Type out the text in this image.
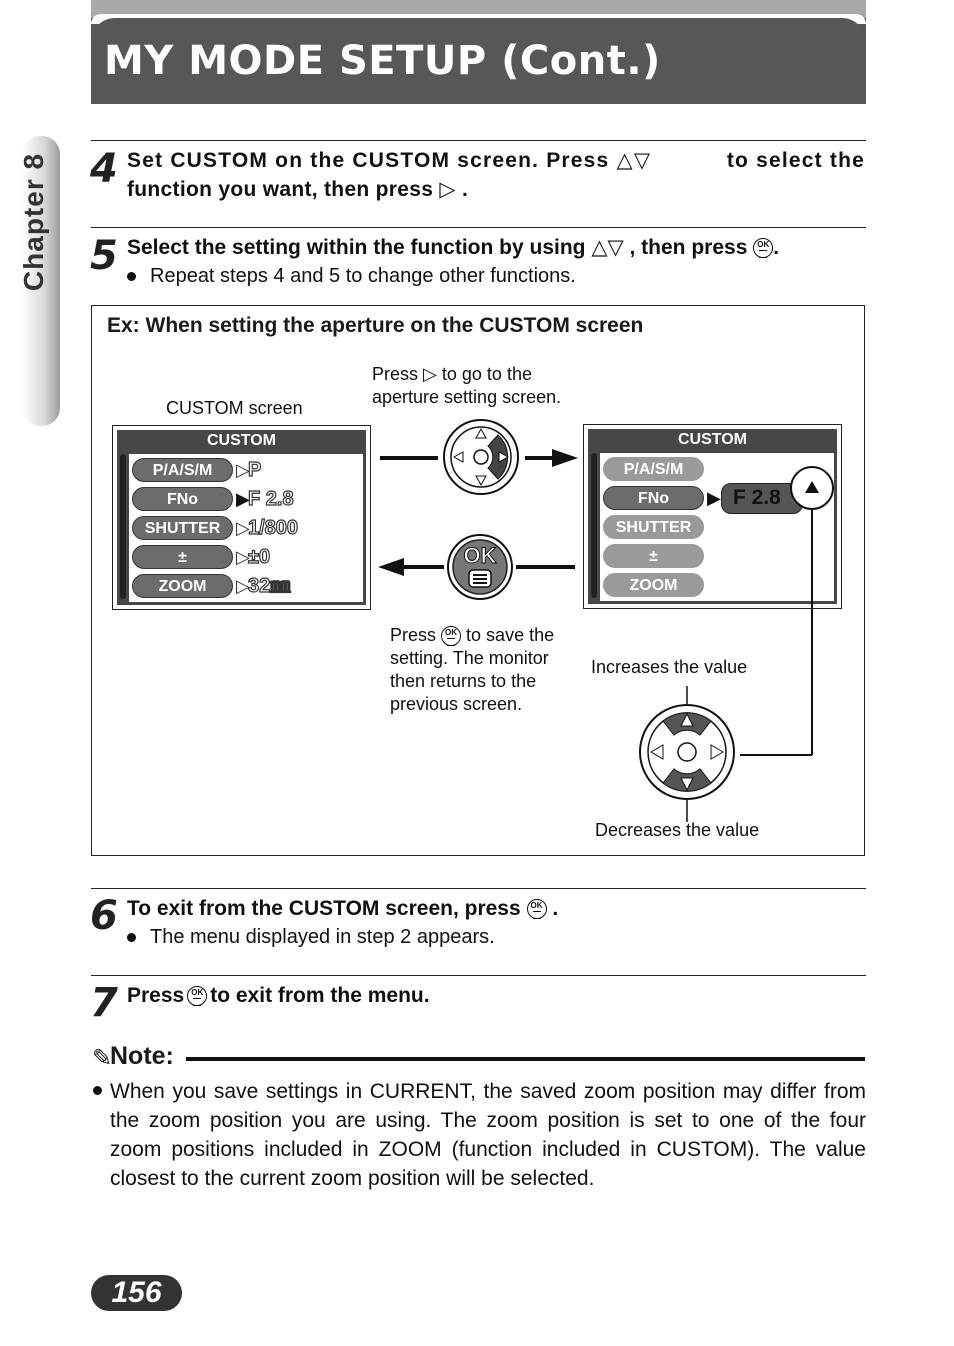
MY MODE SETUP (Cont.)
Chapter 8 4 Set CUSTOM on the CUSTOM screen. Press △▽	to select the
function you want, then press ▷ .
5 Select the setting within the function by using △▽ , then press OK .
Repeat steps 4 and 5 to change other functions.
Ex: When setting the aperture on the CUSTOM screen
CUSTOM screen
Press ▷ to go to the
aperture setting screen.
CUSTOM
P/A/S/M
FNo
SHUTTER
±
ZOOM
▷
▶
▷
▷
▷
P
F 2.8
1/800
±0
32㎜
CUSTOM
P/A/S/M
FNo
SHUTTER
±
ZOOM
▶ F 2.8
OK
Press OK to save the
setting. The monitor
then returns to the
previous screen.
Increases the value
Decreases the value
6 To exit from the CUSTOM screen, press OK .
The menu displayed in step 2 appears.
7 Press OK to exit from the menu.
✎
Note:
When you save settings in CURRENT, the saved zoom position may differ from the zoom position you are using. The zoom position is set to one of the four zoom positions included in ZOOM (function included in CUSTOM). The value closest to the current zoom position will be selected.
156
